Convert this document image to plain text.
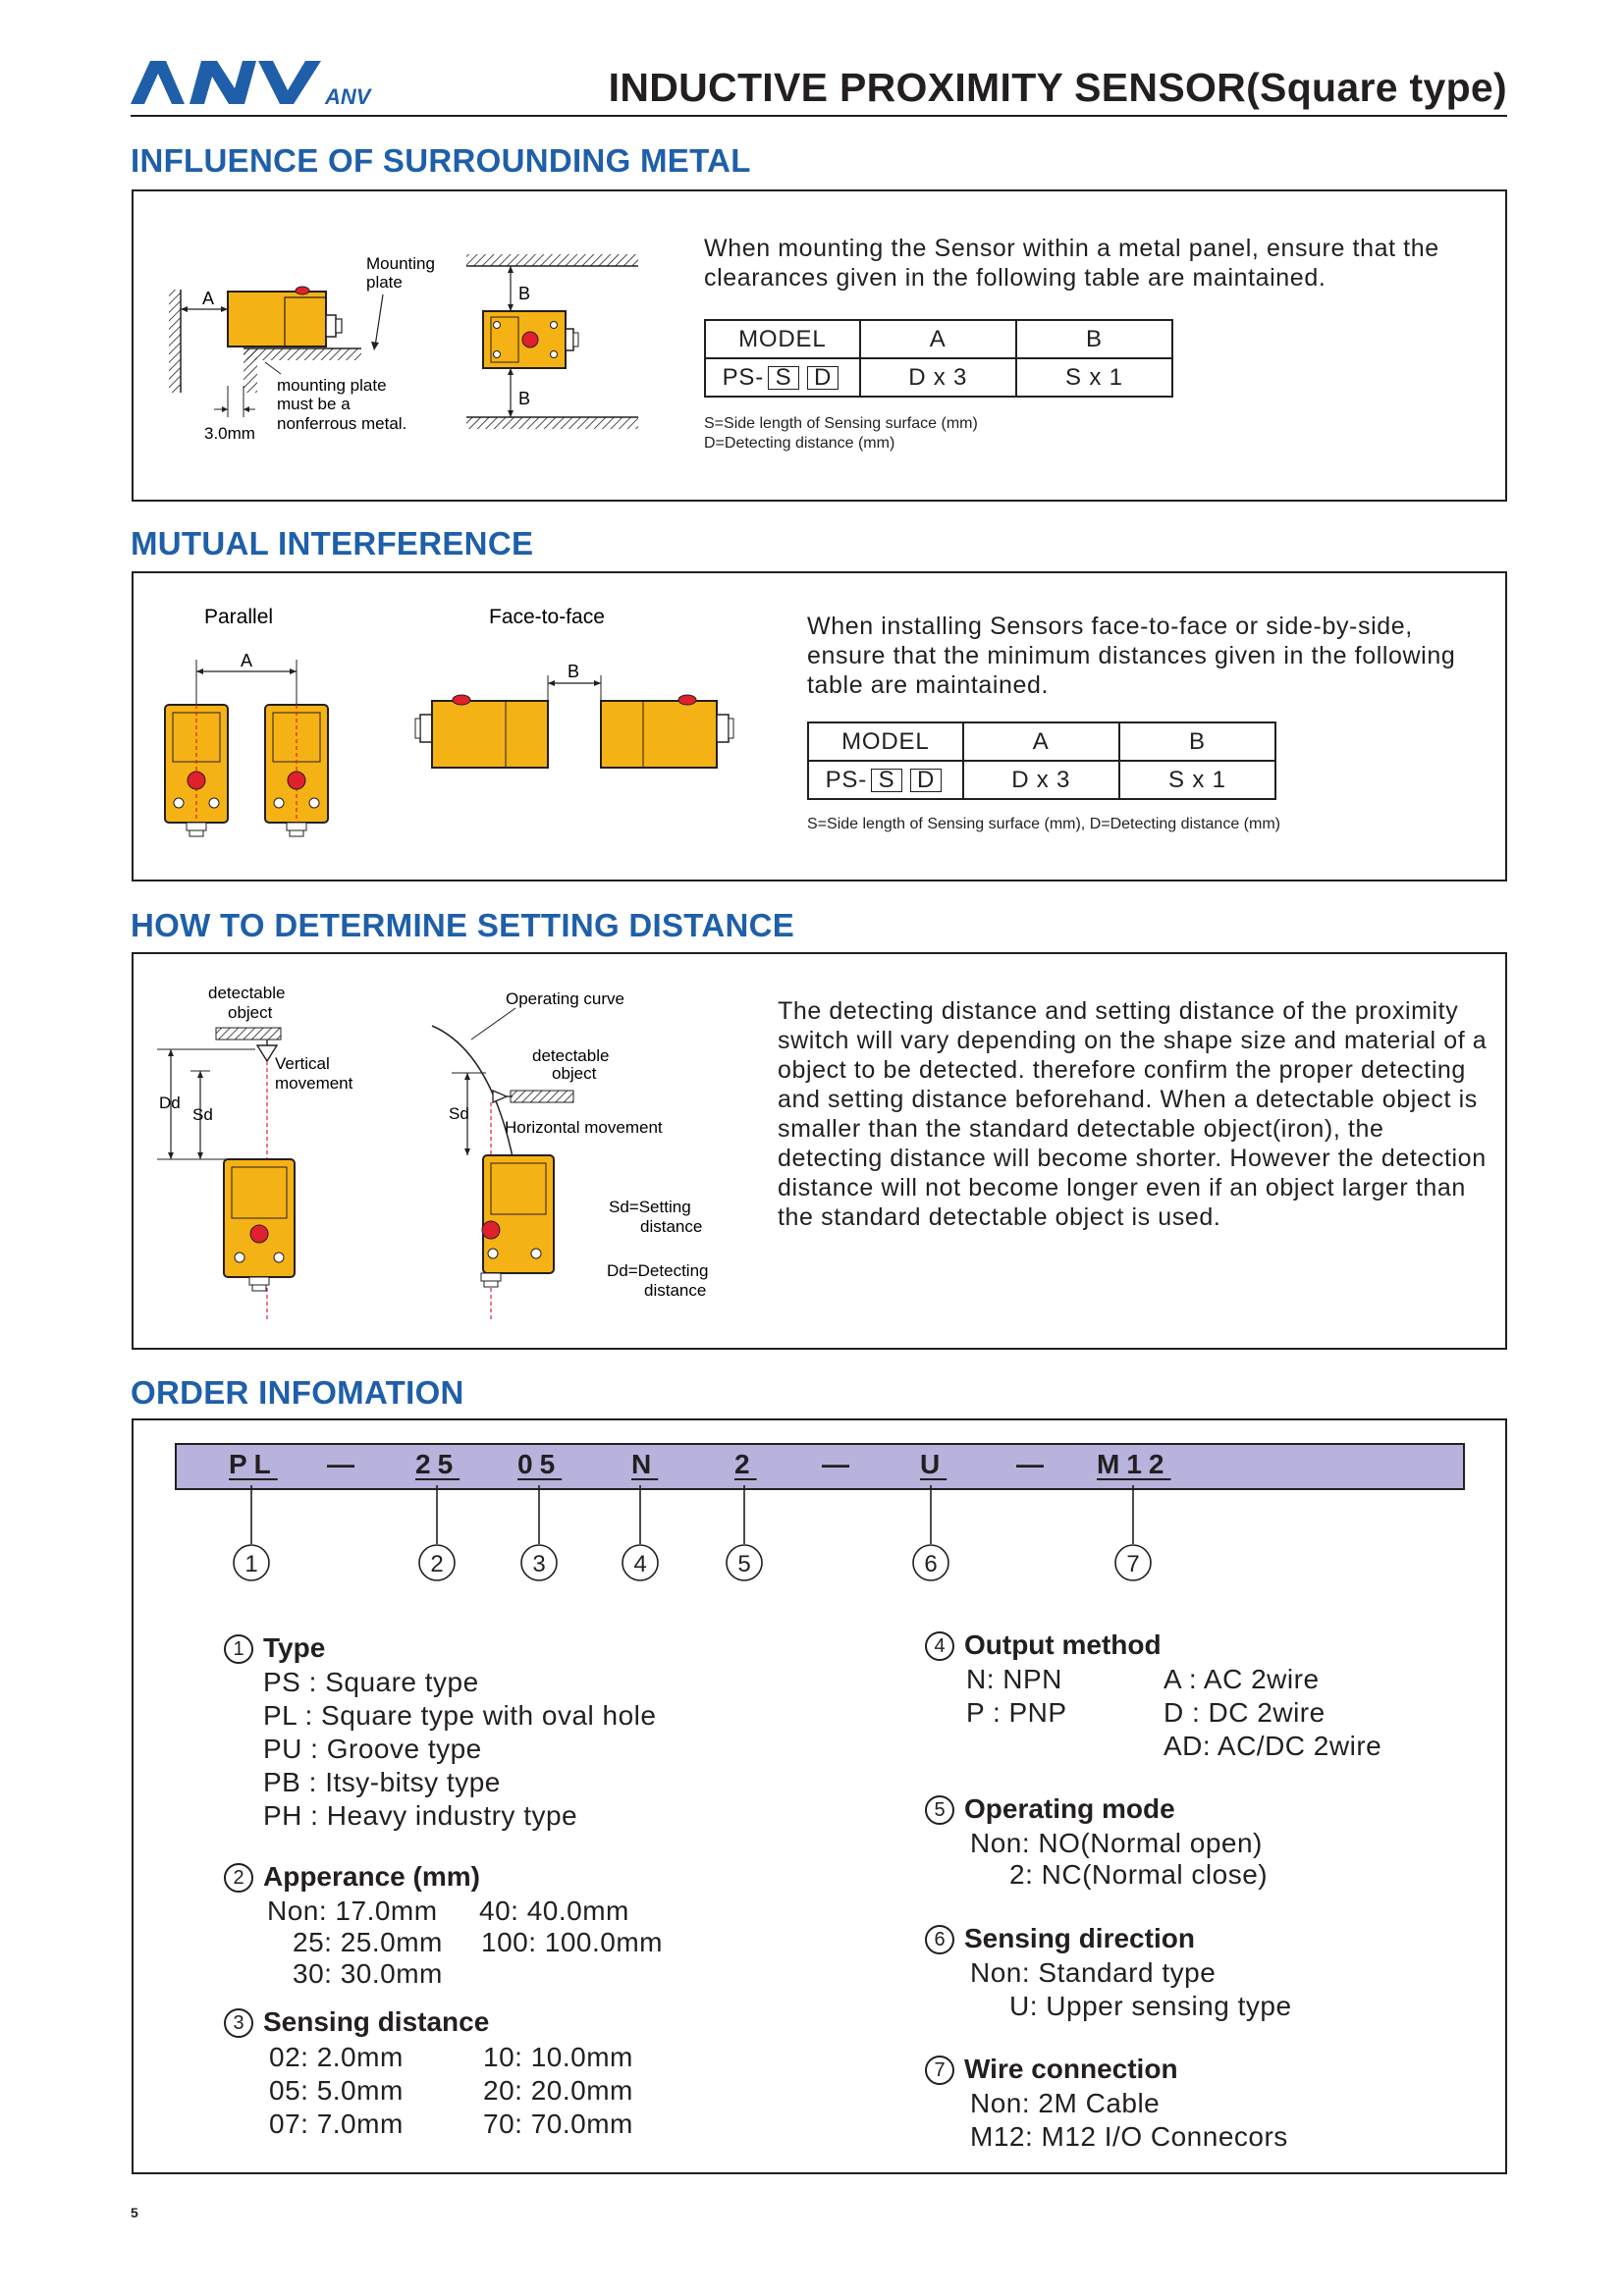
ANV	INDUCTIVE PROXIMITY SENSOR(Square type)
INFLUENCE OF SURROUNDING METAL
A
3.0mm
Mounting
plate
mounting plate
must be a
nonferrous metal.
B
B
When mounting the Sensor within a metal panel, ensure that the clearances given in the following table are maintained.
MODEL	A	B
PS- S D	D x 3	S x 1
S=Side length of Sensing surface (mm)
D=Detecting distance (mm)
MUTUAL INTERFERENCE
Parallel	Face-to-face
A
B
When installing Sensors face-to-face or side-by-side, ensure that the minimum distances given in the following table are maintained.
MODEL	A	B
PS- S D	D x 3	S x 1
S=Side length of Sensing surface (mm), D=Detecting distance (mm)
HOW TO DETERMINE SETTING DISTANCE
detectable
object
Vertical
movement
Dd
Sd
Operating curve
detectable
object
Horizontal movement
Sd
Sd=Setting
distance
Dd=Detecting
distance
The detecting distance and setting distance of the proximity switch will vary depending on the shape size and material of a object to be detected. therefore confirm the proper detecting and setting distance beforehand. When a detectable object is smaller than the standard detectable object(iron), the detecting distance will become shorter. However the detection distance will not become longer even if an object larger than the standard detectable object is used.
ORDER INFOMATION
PL — 25 05	N	2 — U	— M12
1	2	3	4	5	6	7
1 Type
PS : Square type
PL : Square type with oval hole
PU : Groove type
PB : Itsy-bitsy type
PH : Heavy industry type
2 Apperance (mm)
Non: 17.0mm
25: 25.0mm
30: 30.0mm
40: 40.0mm
100: 100.0mm
3 Sensing distance
02: 2.0mm
05: 5.0mm
07: 7.0mm
10: 10.0mm
20: 20.0mm
70: 70.0mm
4 Output method
N: NPN
P : PNP
A : AC 2wire
D : DC 2wire
AD: AC/DC 2wire
5 Operating mode
Non: NO(Normal open)
2: NC(Normal close)
6 Sensing direction
Non: Standard type
U: Upper sensing type
7 Wire connection
Non: 2M Cable
M12: M12 I/O Connecors
5
